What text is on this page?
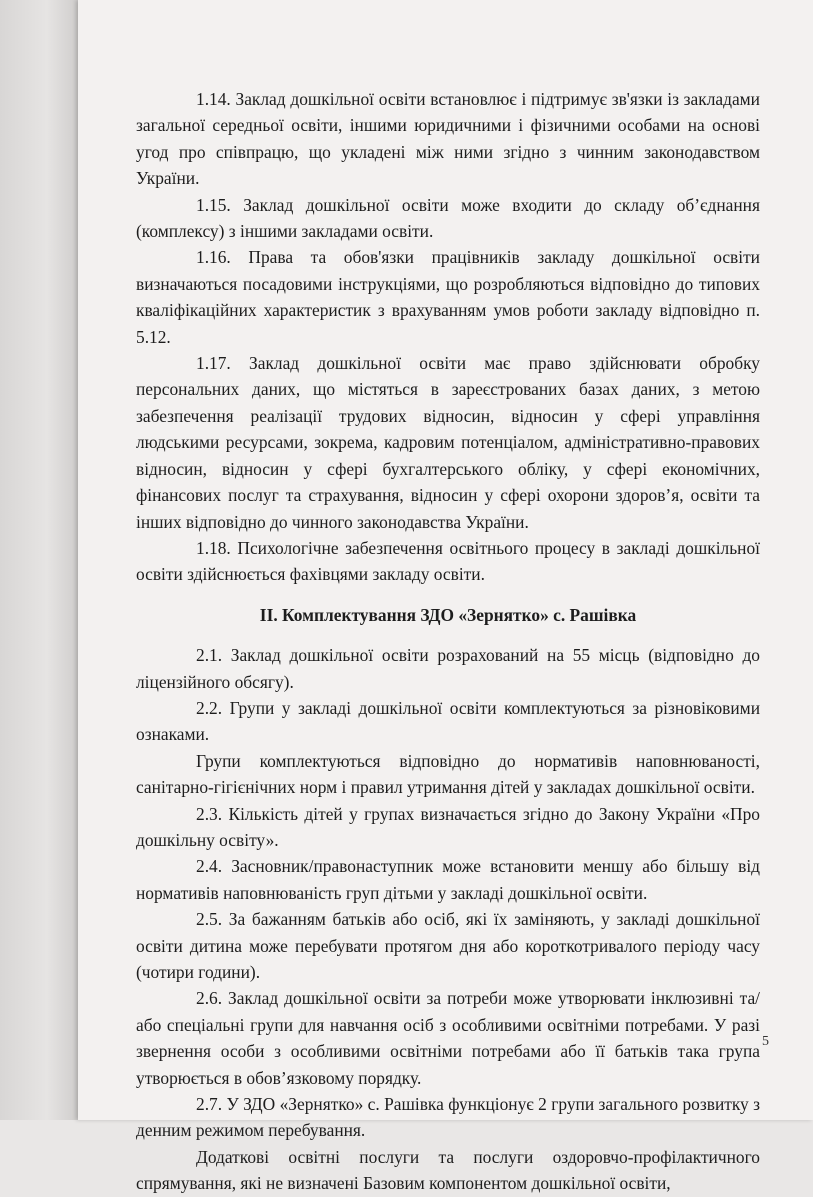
1.14. Заклад дошкільної освіти встановлює і підтримує зв'язки із закладами загальної середньої освіти, іншими юридичними і фізичними особами на основі угод про співпрацю, що укладені між ними згідно з чинним законодавством України.

1.15. Заклад дошкільної освіти може входити до складу об’єднання (комплексу) з іншими закладами освіти.

1.16. Права та обов'язки працівників закладу дошкільної освіти визначаються посадовими інструкціями, що розробляються відповідно до типових кваліфікаційних характеристик з врахуванням умов роботи закладу відповідно п. 5.12.

1.17. Заклад дошкільної освіти має право здійснювати обробку персональних даних, що містяться в зареєстрованих базах даних, з метою забезпечення реалізації трудових відносин, відносин у сфері управління людськими ресурсами, зокрема, кадровим потенціалом, адміністративно-правових відносин, відносин у сфері бухгалтерського обліку, у сфері економічних, фінансових послуг та страхування, відносин у сфері охорони здоров’я, освіти та інших відповідно до чинного законодавства України.

1.18. Психологічне забезпечення освітнього процесу в закладі дошкільної освіти здійснюється фахівцями закладу освіти.

ІІ. Комплектування ЗДО «Зернятко» с. Рашівка

2.1. Заклад дошкільної освіти розрахований на 55 місць (відповідно до ліцензійного обсягу).

2.2. Групи у закладі дошкільної освіти комплектуються за різновіковими ознаками.

Групи комплектуються відповідно до нормативів наповнюваності, санітарно-гігієнічних норм і правил утримання дітей у закладах дошкільної освіти.

2.3. Кількість дітей у групах визначається згідно до Закону України «Про дошкільну освіту».

2.4. Засновник/правонаступник може встановити меншу або більшу від нормативів наповнюваність груп дітьми у закладі дошкільної освіти.

2.5. За бажанням батьків або осіб, які їх заміняють, у закладі дошкільної освіти дитина може перебувати протягом дня або короткотривалого періоду часу (чотири години).

2.6. Заклад дошкільної освіти за потреби може утворювати інклюзивні та/або спеціальні групи для навчання осіб з особливими освітніми потребами. У разі звернення особи з особливими освітніми потребами або її батьків така група утворюється в обов’язковому порядку.

2.7. У ЗДО «Зернятко» с. Рашівка функціонує 2 групи загального розвитку з денним режимом перебування.

Додаткові освітні послуги та послуги оздоровчо-профілактичного спрямування, які не визначені Базовим компонентом дошкільної освіти,

5
